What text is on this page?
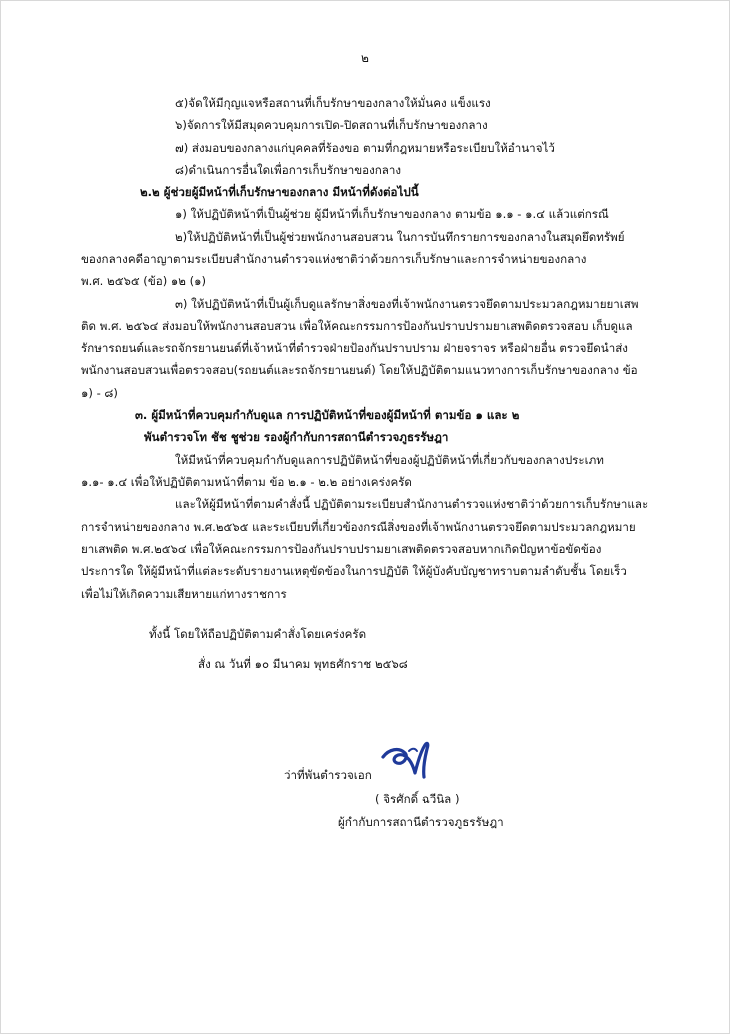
๒
๕)จัดให้มีกุญแจหรือสถานที่เก็บรักษาของกลางให้มั่นคง แข็งแรง
๖)จัดการให้มีสมุดควบคุมการเปิด-ปิดสถานที่เก็บรักษาของกลาง
๗) ส่งมอบของกลางแก่บุคคลที่ร้องขอ ตามที่กฎหมายหรือระเบียบให้อำนาจไว้
๘)ดำเนินการอื่นใดเพื่อการเก็บรักษาของกลาง
๒.๒ ผู้ช่วยผู้มีหน้าที่เก็บรักษาของกลาง มีหน้าที่ดังต่อไปนี้
๑) ให้ปฏิบัติหน้าที่เป็นผู้ช่วย ผู้มีหน้าที่เก็บรักษาของกลาง ตามข้อ ๑.๑ - ๑.๔ แล้วแต่กรณี
๒)ให้ปฏิบัติหน้าที่เป็นผู้ช่วยพนักงานสอบสวน ในการบันทึกรายการของกลางในสมุดยึดทรัพย์
ของกลางคดีอาญาตามระเบียบสำนักงานตำรวจแห่งชาติว่าด้วยการเก็บรักษาและการจำหน่ายของกลาง
พ.ศ. ๒๕๖๕ (ข้อ) ๑๒ (๑)
๓) ให้ปฏิบัติหน้าที่เป็นผู้เก็บดูแลรักษาสิ่งของที่เจ้าพนักงานตรวจยึดตามประมวลกฎหมายยาเสพ
ติด พ.ศ. ๒๕๖๔ ส่งมอบให้พนักงานสอบสวน เพื่อให้คณะกรรมการป้องกันปราบปรามยาเสพติดตรวจสอบ เก็บดูแล
รักษารถยนต์และรถจักรยานยนต์ที่เจ้าหน้าที่ตำรวจฝ่ายป้องกันปราบปราม ฝ่ายจราจร หรือฝ่ายอื่น ตรวจยึดนำส่ง
พนักงานสอบสวนเพื่อตรวจสอบ(รถยนต์และรถจักรยานยนต์) โดยให้ปฏิบัติตามแนวทางการเก็บรักษาของกลาง ข้อ
๑) - ๘)
๓. ผู้มีหน้าที่ควบคุมกำกับดูแล การปฏิบัติหน้าที่ของผู้มีหน้าที่ ตามข้อ ๑ และ ๒
พันตำรวจโท ชัช ชูช่วย รองผู้กำกับการสถานีตำรวจภูธรรัษฎา
ให้มีหน้าที่ควบคุมกำกับดูแลการปฏิบัติหน้าที่ของผู้ปฏิบัติหน้าที่เกี่ยวกับของกลางประเภท
๑.๑- ๑.๔ เพื่อให้ปฏิบัติตามหน้าที่ตาม ข้อ ๒.๑ - ๒.๒ อย่างเคร่งครัด
และให้ผู้มีหน้าที่ตามคำสั่งนี้ ปฏิบัติตามระเบียบสำนักงานตำรวจแห่งชาติว่าด้วยการเก็บรักษาและ
การจำหน่ายของกลาง พ.ศ.๒๕๖๕ และระเบียบที่เกี่ยวข้องกรณีสิ่งของที่เจ้าพนักงานตรวจยึดตามประมวลกฎหมาย
ยาเสพติด พ.ศ.๒๕๖๔ เพื่อให้คณะกรรมการป้องกันปราบปรามยาเสพติดตรวจสอบหากเกิดปัญหาข้อขัดข้อง
ประการใด ให้ผู้มีหน้าที่แต่ละระดับรายงานเหตุขัดข้องในการปฏิบัติ ให้ผู้บังคับบัญชาทราบตามลำดับชั้น โดยเร็ว
เพื่อไม่ให้เกิดความเสียหายแก่ทางราชการ
ทั้งนี้ โดยให้ถือปฏิบัติตามคำสั่งโดยเคร่งครัด
สั่ง ณ วันที่ ๑๐ มีนาคม พุทธศักราช ๒๕๖๘
ว่าที่พันตำรวจเอก
( จิรศักดิ์ ฉวีนิล )
ผู้กำกับการสถานีตำรวจภูธรรัษฎา
